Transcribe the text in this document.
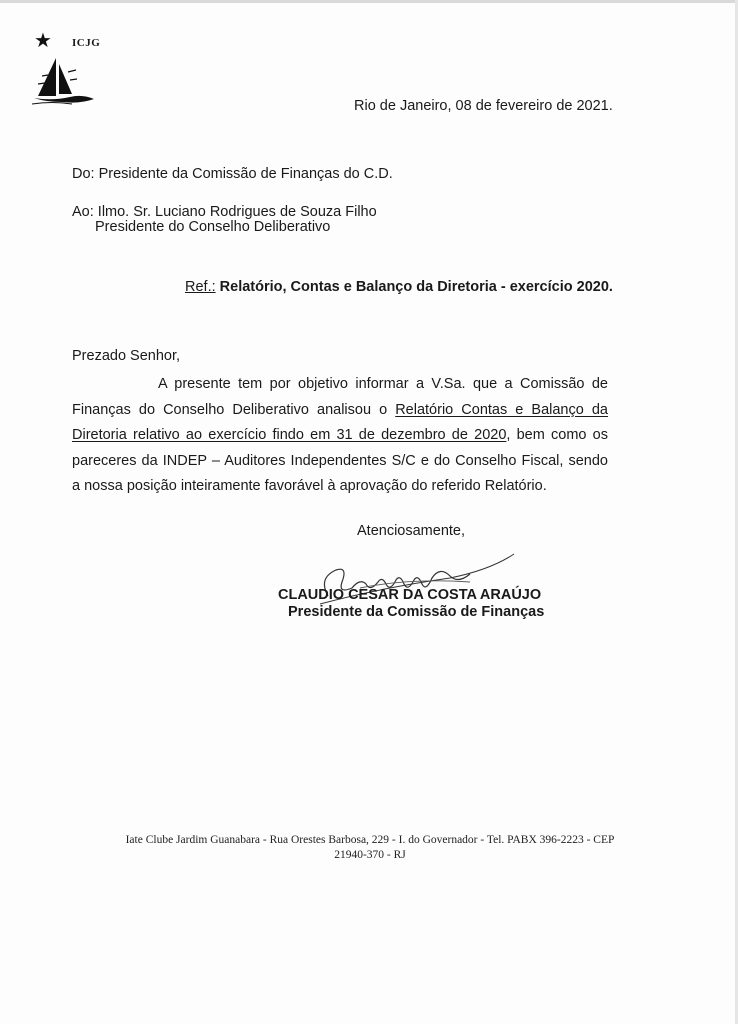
★ ICJG
Rio de Janeiro, 08 de fevereiro de 2021.
Do: Presidente da Comissão de Finanças do C.D.
Ao: Ilmo. Sr. Luciano Rodrigues de Souza Filho
Presidente do Conselho Deliberativo
Ref.: Relatório, Contas e Balanço da Diretoria - exercício 2020.
Prezado Senhor,
A presente tem por objetivo informar a V.Sa. que a Comissão de Finanças do Conselho Deliberativo analisou o Relatório Contas e Balanço da Diretoria relativo ao exercício findo em 31 de dezembro de 2020, bem como os pareceres da INDEP – Auditores Independentes S/C e do Conselho Fiscal, sendo a nossa posição inteiramente favorável à aprovação do referido Relatório.
Atenciosamente,
CLAUDIO CESAR DA COSTA ARAÚJO
Presidente da Comissão de Finanças
Iate Clube Jardim Guanabara - Rua Orestes Barbosa, 229 - I. do Governador - Tel. PABX 396-2223 - CEP
21940-370 - RJ
